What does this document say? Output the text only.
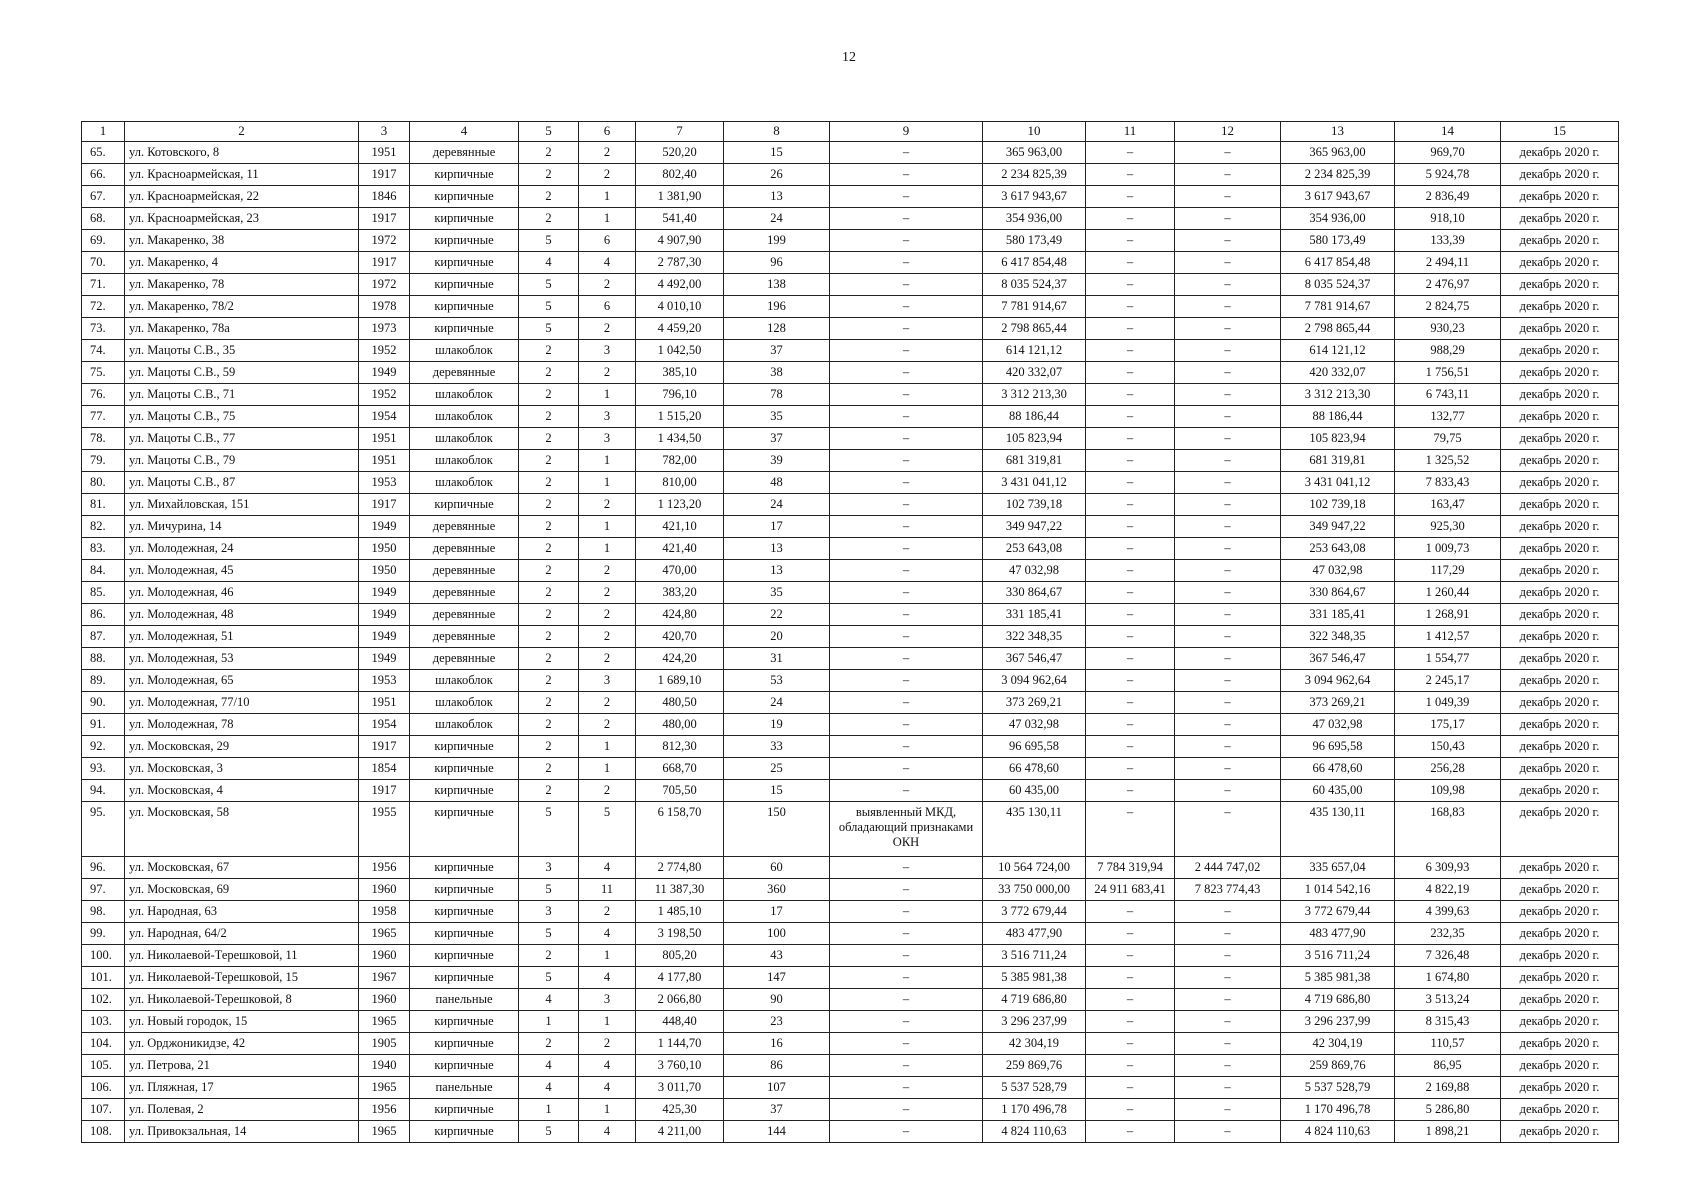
12
1	2	3	4	5	6	7	8	9	10	11	12	13	14	15
65.	ул. Котовского, 8	1951	деревянные	2	2	520,20	15	–	365 963,00	–	–	365 963,00	969,70	декабрь 2020 г.
66.	ул. Красноармейская, 11	1917	кирпичные	2	2	802,40	26	–	2 234 825,39	–	–	2 234 825,39	5 924,78	декабрь 2020 г.
67.	ул. Красноармейская, 22	1846	кирпичные	2	1	1 381,90	13	–	3 617 943,67	–	–	3 617 943,67	2 836,49	декабрь 2020 г.
68.	ул. Красноармейская, 23	1917	кирпичные	2	1	541,40	24	–	354 936,00	–	–	354 936,00	918,10	декабрь 2020 г.
69.	ул. Макаренко, 38	1972	кирпичные	5	6	4 907,90	199	–	580 173,49	–	–	580 173,49	133,39	декабрь 2020 г.
70.	ул. Макаренко, 4	1917	кирпичные	4	4	2 787,30	96	–	6 417 854,48	–	–	6 417 854,48	2 494,11	декабрь 2020 г.
71.	ул. Макаренко, 78	1972	кирпичные	5	2	4 492,00	138	–	8 035 524,37	–	–	8 035 524,37	2 476,97	декабрь 2020 г.
72.	ул. Макаренко, 78/2	1978	кирпичные	5	6	4 010,10	196	–	7 781 914,67	–	–	7 781 914,67	2 824,75	декабрь 2020 г.
73.	ул. Макаренко, 78а	1973	кирпичные	5	2	4 459,20	128	–	2 798 865,44	–	–	2 798 865,44	930,23	декабрь 2020 г.
74.	ул. Мацоты С.В., 35	1952	шлакоблок	2	3	1 042,50	37	–	614 121,12	–	–	614 121,12	988,29	декабрь 2020 г.
75.	ул. Мацоты С.В., 59	1949	деревянные	2	2	385,10	38	–	420 332,07	–	–	420 332,07	1 756,51	декабрь 2020 г.
76.	ул. Мацоты С.В., 71	1952	шлакоблок	2	1	796,10	78	–	3 312 213,30	–	–	3 312 213,30	6 743,11	декабрь 2020 г.
77.	ул. Мацоты С.В., 75	1954	шлакоблок	2	3	1 515,20	35	–	88 186,44	–	–	88 186,44	132,77	декабрь 2020 г.
78.	ул. Мацоты С.В., 77	1951	шлакоблок	2	3	1 434,50	37	–	105 823,94	–	–	105 823,94	79,75	декабрь 2020 г.
79.	ул. Мацоты С.В., 79	1951	шлакоблок	2	1	782,00	39	–	681 319,81	–	–	681 319,81	1 325,52	декабрь 2020 г.
80.	ул. Мацоты С.В., 87	1953	шлакоблок	2	1	810,00	48	–	3 431 041,12	–	–	3 431 041,12	7 833,43	декабрь 2020 г.
81.	ул. Михайловская, 151	1917	кирпичные	2	2	1 123,20	24	–	102 739,18	–	–	102 739,18	163,47	декабрь 2020 г.
82.	ул. Мичурина, 14	1949	деревянные	2	1	421,10	17	–	349 947,22	–	–	349 947,22	925,30	декабрь 2020 г.
83.	ул. Молодежная, 24	1950	деревянные	2	1	421,40	13	–	253 643,08	–	–	253 643,08	1 009,73	декабрь 2020 г.
84.	ул. Молодежная, 45	1950	деревянные	2	2	470,00	13	–	47 032,98	–	–	47 032,98	117,29	декабрь 2020 г.
85.	ул. Молодежная, 46	1949	деревянные	2	2	383,20	35	–	330 864,67	–	–	330 864,67	1 260,44	декабрь 2020 г.
86.	ул. Молодежная, 48	1949	деревянные	2	2	424,80	22	–	331 185,41	–	–	331 185,41	1 268,91	декабрь 2020 г.
87.	ул. Молодежная, 51	1949	деревянные	2	2	420,70	20	–	322 348,35	–	–	322 348,35	1 412,57	декабрь 2020 г.
88.	ул. Молодежная, 53	1949	деревянные	2	2	424,20	31	–	367 546,47	–	–	367 546,47	1 554,77	декабрь 2020 г.
89.	ул. Молодежная, 65	1953	шлакоблок	2	3	1 689,10	53	–	3 094 962,64	–	–	3 094 962,64	2 245,17	декабрь 2020 г.
90.	ул. Молодежная, 77/10	1951	шлакоблок	2	2	480,50	24	–	373 269,21	–	–	373 269,21	1 049,39	декабрь 2020 г.
91.	ул. Молодежная, 78	1954	шлакоблок	2	2	480,00	19	–	47 032,98	–	–	47 032,98	175,17	декабрь 2020 г.
92.	ул. Московская, 29	1917	кирпичные	2	1	812,30	33	–	96 695,58	–	–	96 695,58	150,43	декабрь 2020 г.
93.	ул. Московская, 3	1854	кирпичные	2	1	668,70	25	–	66 478,60	–	–	66 478,60	256,28	декабрь 2020 г.
94.	ул. Московская, 4	1917	кирпичные	2	2	705,50	15	–	60 435,00	–	–	60 435,00	109,98	декабрь 2020 г.
95.	ул. Московская, 58	1955	кирпичные	5	5	6 158,70	150	выявленный МКД, обладающий признаками ОКН	435 130,11	–	–	435 130,11	168,83	декабрь 2020 г.
96.	ул. Московская, 67	1956	кирпичные	3	4	2 774,80	60	–	10 564 724,00	7 784 319,94	2 444 747,02	335 657,04	6 309,93	декабрь 2020 г.
97.	ул. Московская, 69	1960	кирпичные	5	11	11 387,30	360	–	33 750 000,00	24 911 683,41	7 823 774,43	1 014 542,16	4 822,19	декабрь 2020 г.
98.	ул. Народная, 63	1958	кирпичные	3	2	1 485,10	17	–	3 772 679,44	–	–	3 772 679,44	4 399,63	декабрь 2020 г.
99.	ул. Народная, 64/2	1965	кирпичные	5	4	3 198,50	100	–	483 477,90	–	–	483 477,90	232,35	декабрь 2020 г.
100.	ул. Николаевой-Терешковой, 11	1960	кирпичные	2	1	805,20	43	–	3 516 711,24	–	–	3 516 711,24	7 326,48	декабрь 2020 г.
101.	ул. Николаевой-Терешковой, 15	1967	кирпичные	5	4	4 177,80	147	–	5 385 981,38	–	–	5 385 981,38	1 674,80	декабрь 2020 г.
102.	ул. Николаевой-Терешковой, 8	1960	панельные	4	3	2 066,80	90	–	4 719 686,80	–	–	4 719 686,80	3 513,24	декабрь 2020 г.
103.	ул. Новый городок, 15	1965	кирпичные	1	1	448,40	23	–	3 296 237,99	–	–	3 296 237,99	8 315,43	декабрь 2020 г.
104.	ул. Орджоникидзе, 42	1905	кирпичные	2	2	1 144,70	16	–	42 304,19	–	–	42 304,19	110,57	декабрь 2020 г.
105.	ул. Петрова, 21	1940	кирпичные	4	4	3 760,10	86	–	259 869,76	–	–	259 869,76	86,95	декабрь 2020 г.
106.	ул. Пляжная, 17	1965	панельные	4	4	3 011,70	107	–	5 537 528,79	–	–	5 537 528,79	2 169,88	декабрь 2020 г.
107.	ул. Полевая, 2	1956	кирпичные	1	1	425,30	37	–	1 170 496,78	–	–	1 170 496,78	5 286,80	декабрь 2020 г.
108.	ул. Привокзальная, 14	1965	кирпичные	5	4	4 211,00	144	–	4 824 110,63	–	–	4 824 110,63	1 898,21	декабрь 2020 г.
